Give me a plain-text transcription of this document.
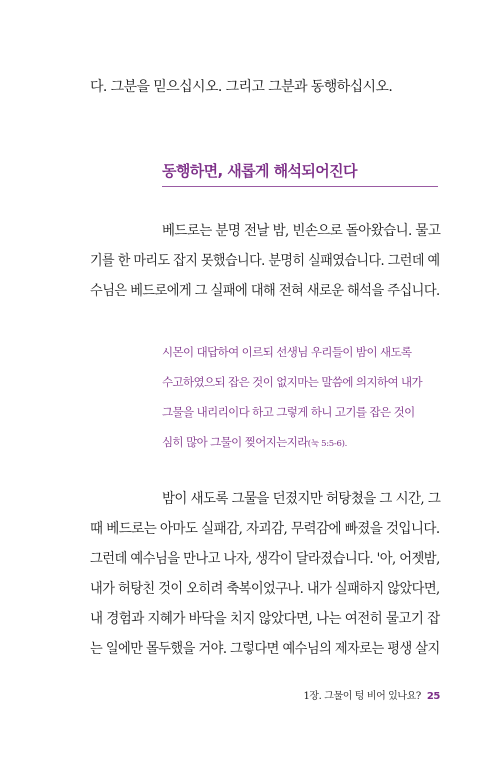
다. 그분을 믿으십시오. 그리고 그분과 동행하십시오.
동행하면, 새롭게 해석되어진다
베드로는 분명 전날 밤, 빈손으로 돌아왔습니. 물고
기를 한 마리도 잡지 못했습니다. 분명히 실패였습니다. 그런데 예
수님은 베드로에게 그 실패에 대해 전혀 새로운 해석을 주십니다.
시몬이 대답하여 이르되 선생님 우리들이 밤이 새도록
수고하였으되 잡은 것이 없지마는 말씀에 의지하여 내가
그물을 내리리이다 하고 그렇게 하니 고기를 잡은 것이
심히 많아 그물이 찢어지는지라(눅 5:5-6).
밤이 새도록 그물을 던졌지만 허탕쳤을 그 시간, 그
때 베드로는 아마도 실패감, 자괴감, 무력감에 빠졌을 것입니다.
그런데 예수님을 만나고 나자, 생각이 달라졌습니다. '아, 어젯밤,
내가 허탕친 것이 오히려 축복이었구나. 내가 실패하지 않았다면,
내 경험과 지혜가 바닥을 치지 않았다면, 나는 여전히 물고기 잡
는 일에만 몰두했을 거야. 그렇다면 예수님의 제자로는 평생 살지
1장. 그물이 텅 비어 있나요? 25
